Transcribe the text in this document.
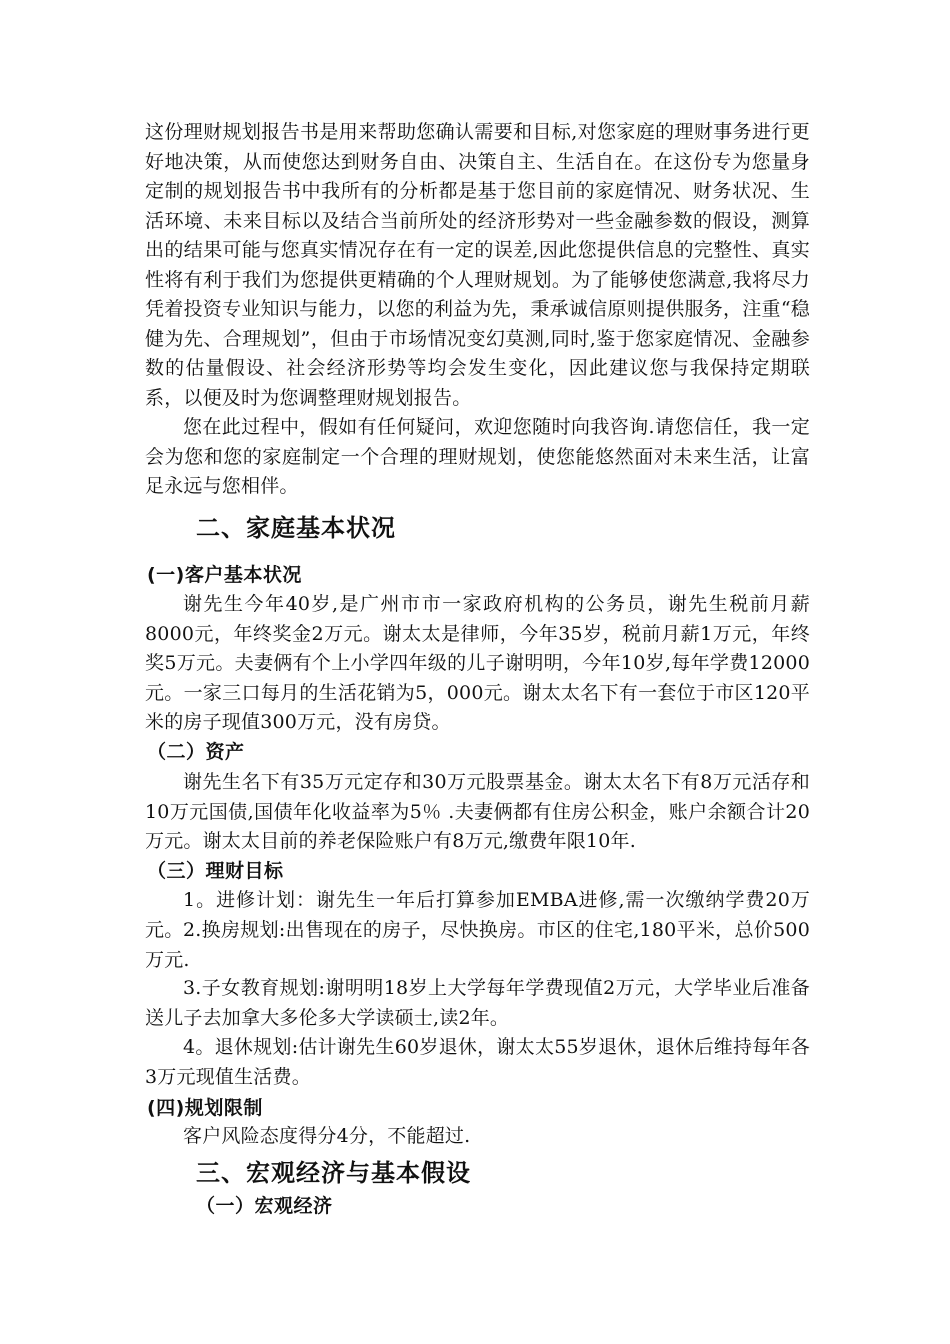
这份理财规划报告书是用来帮助您确认需要和目标,对您家庭的理财事务进行更好地决策，从而使您达到财务自由、决策自主、生活自在。在这份专为您量身定制的规划报告书中我所有的分析都是基于您目前的家庭情况、财务状况、生活环境、未来目标以及结合当前所处的经济形势对一些金融参数的假设，测算出的结果可能与您真实情况存在有一定的误差,因此您提供信息的完整性、真实性将有利于我们为您提供更精确的个人理财规划。为了能够使您满意,我将尽力凭着投资专业知识与能力，以您的利益为先，秉承诚信原则提供服务，注重“稳健为先、合理规划”，但由于市场情况变幻莫测,同时,鉴于您家庭情况、金融参数的估量假设、社会经济形势等均会发生变化，因此建议您与我保持定期联系，以便及时为您调整理财规划报告。
您在此过程中，假如有任何疑问，欢迎您随时向我咨询.请您信任，我一定会为您和您的家庭制定一个合理的理财规划，使您能悠然面对未来生活，让富足永远与您相伴。
二、家庭基本状况
(一)客户基本状况
谢先生今年40岁,是广州市市一家政府机构的公务员，谢先生税前月薪8000元，年终奖金2万元。谢太太是律师，今年35岁，税前月薪1万元，年终奖5万元。夫妻俩有个上小学四年级的儿子谢明明，今年10岁,每年学费12000元。一家三口每月的生活花销为5，000元。谢太太名下有一套位于市区120平米的房子现值300万元，没有房贷。
（二）资产
谢先生名下有35万元定存和30万元股票基金。谢太太名下有8万元活存和10万元国债,国债年化收益率为5％ .夫妻俩都有住房公积金，账户余额合计20万元。谢太太目前的养老保险账户有8万元,缴费年限10年.
（三）理财目标
1。进修计划：谢先生一年后打算参加EMBA进修,需一次缴纳学费20万元。 2.换房规划:出售现在的房子，尽快换房。市区的住宅,180平米，总价500万元.
3.子女教育规划:谢明明18岁上大学每年学费现值2万元，大学毕业后准备送儿子去加拿大多伦多大学读硕士,读2年。
4。退休规划:估计谢先生60岁退休，谢太太55岁退休，退休后维持每年各3万元现值生活费。
(四)规划限制
客户风险态度得分4分，不能超过.
三、宏观经济与基本假设
（一）宏观经济
